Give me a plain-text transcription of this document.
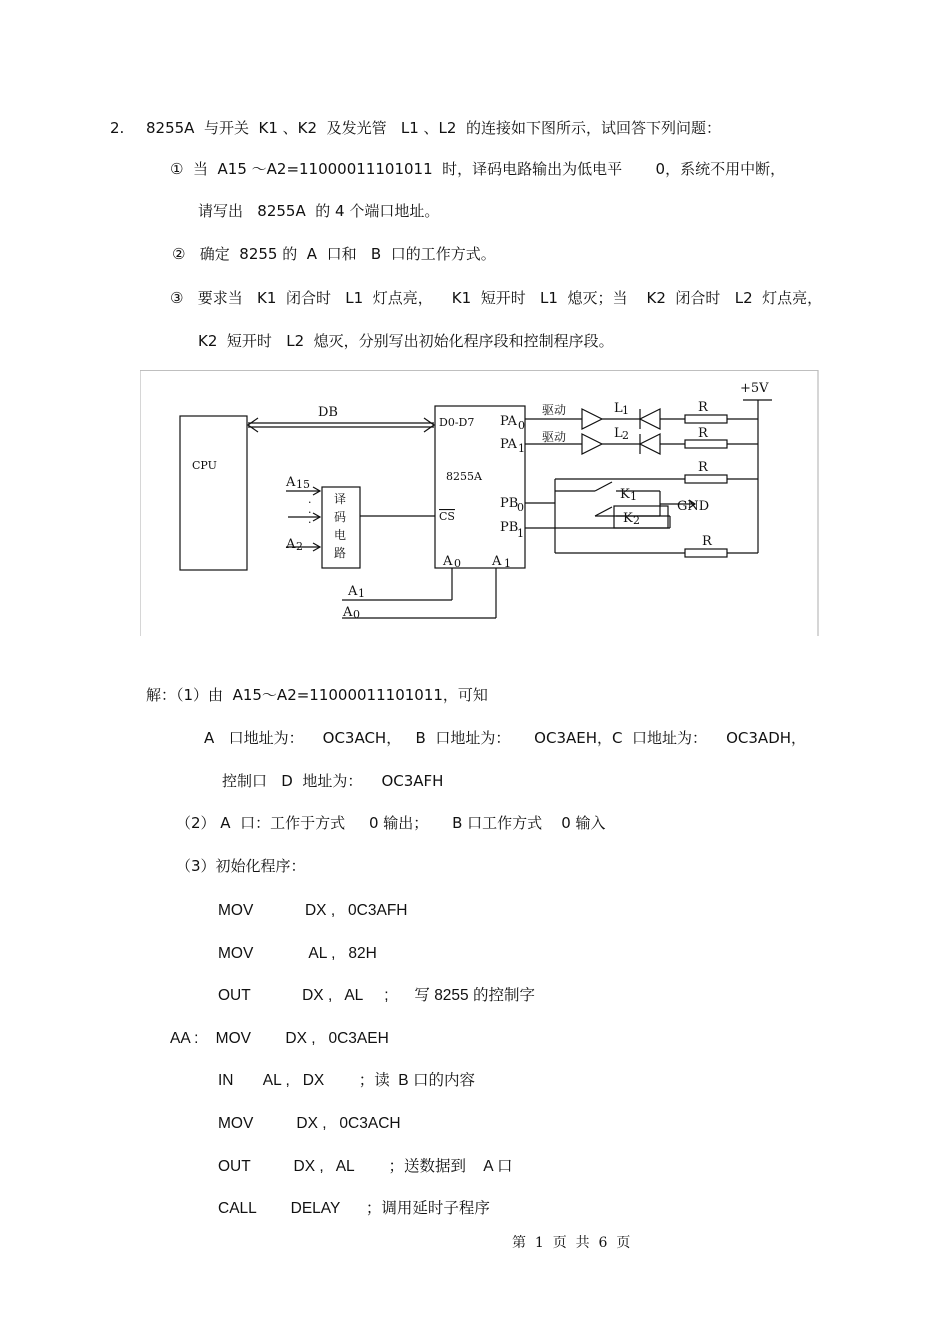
2. 8255A  与开关  K1 、K2  及发光管   L1 、L2  的连接如下图所示，试回答下列问题：
①  当  A15 ～A2=11000011101011  时，译码电路输出为低电平       0，系统不用中断，
请写出   8255A  的 4 个端口地址。
②   确定  8255 的  A  口和   B  口的工作方式。
③   要求当   K1  闭合时   L1  灯点亮，    K1  短开时   L1  熄灭；当    K2  闭合时   L2  灯点亮，
K2  短开时   L2  熄灭，分别写出初始化程序段和控制程序段。
CPU
DB
D0-D7
8255A
PA 0
PA 1
PB
0
PB
1
CS
A 0 A 1
A 15
A 2
·
·
·
译
码
电
路
A 1
A 0
驱动
驱动
L 1
L 2
R
R
R
R
+5V
K 1
K 2
GND
解：（1）由  A15～A2=11000011101011，可知
A   口地址为：    OC3ACH，   B  口地址为：     OC3AEH，C  口地址为：    OC3ADH，
控制口   D  地址为：    OC3AFH
（2） A  口：工作于方式     0 输出；     B 口工作方式    0 输入
（3）初始化程序：
MOV            DX ,   0C3AFH
MOV             AL ,   82H
OUT            DX ,   AL     ;      写 8255 的控制字
AA :    MOV        DX ,   0C3AEH
IN       AL ,   DX        ；读  B 口的内容
MOV          DX ,   0C3ACH
OUT          DX ,   AL        ；送数据到    A 口
CALL        DELAY      ；调用延时子程序
第  1  页  共  6  页
